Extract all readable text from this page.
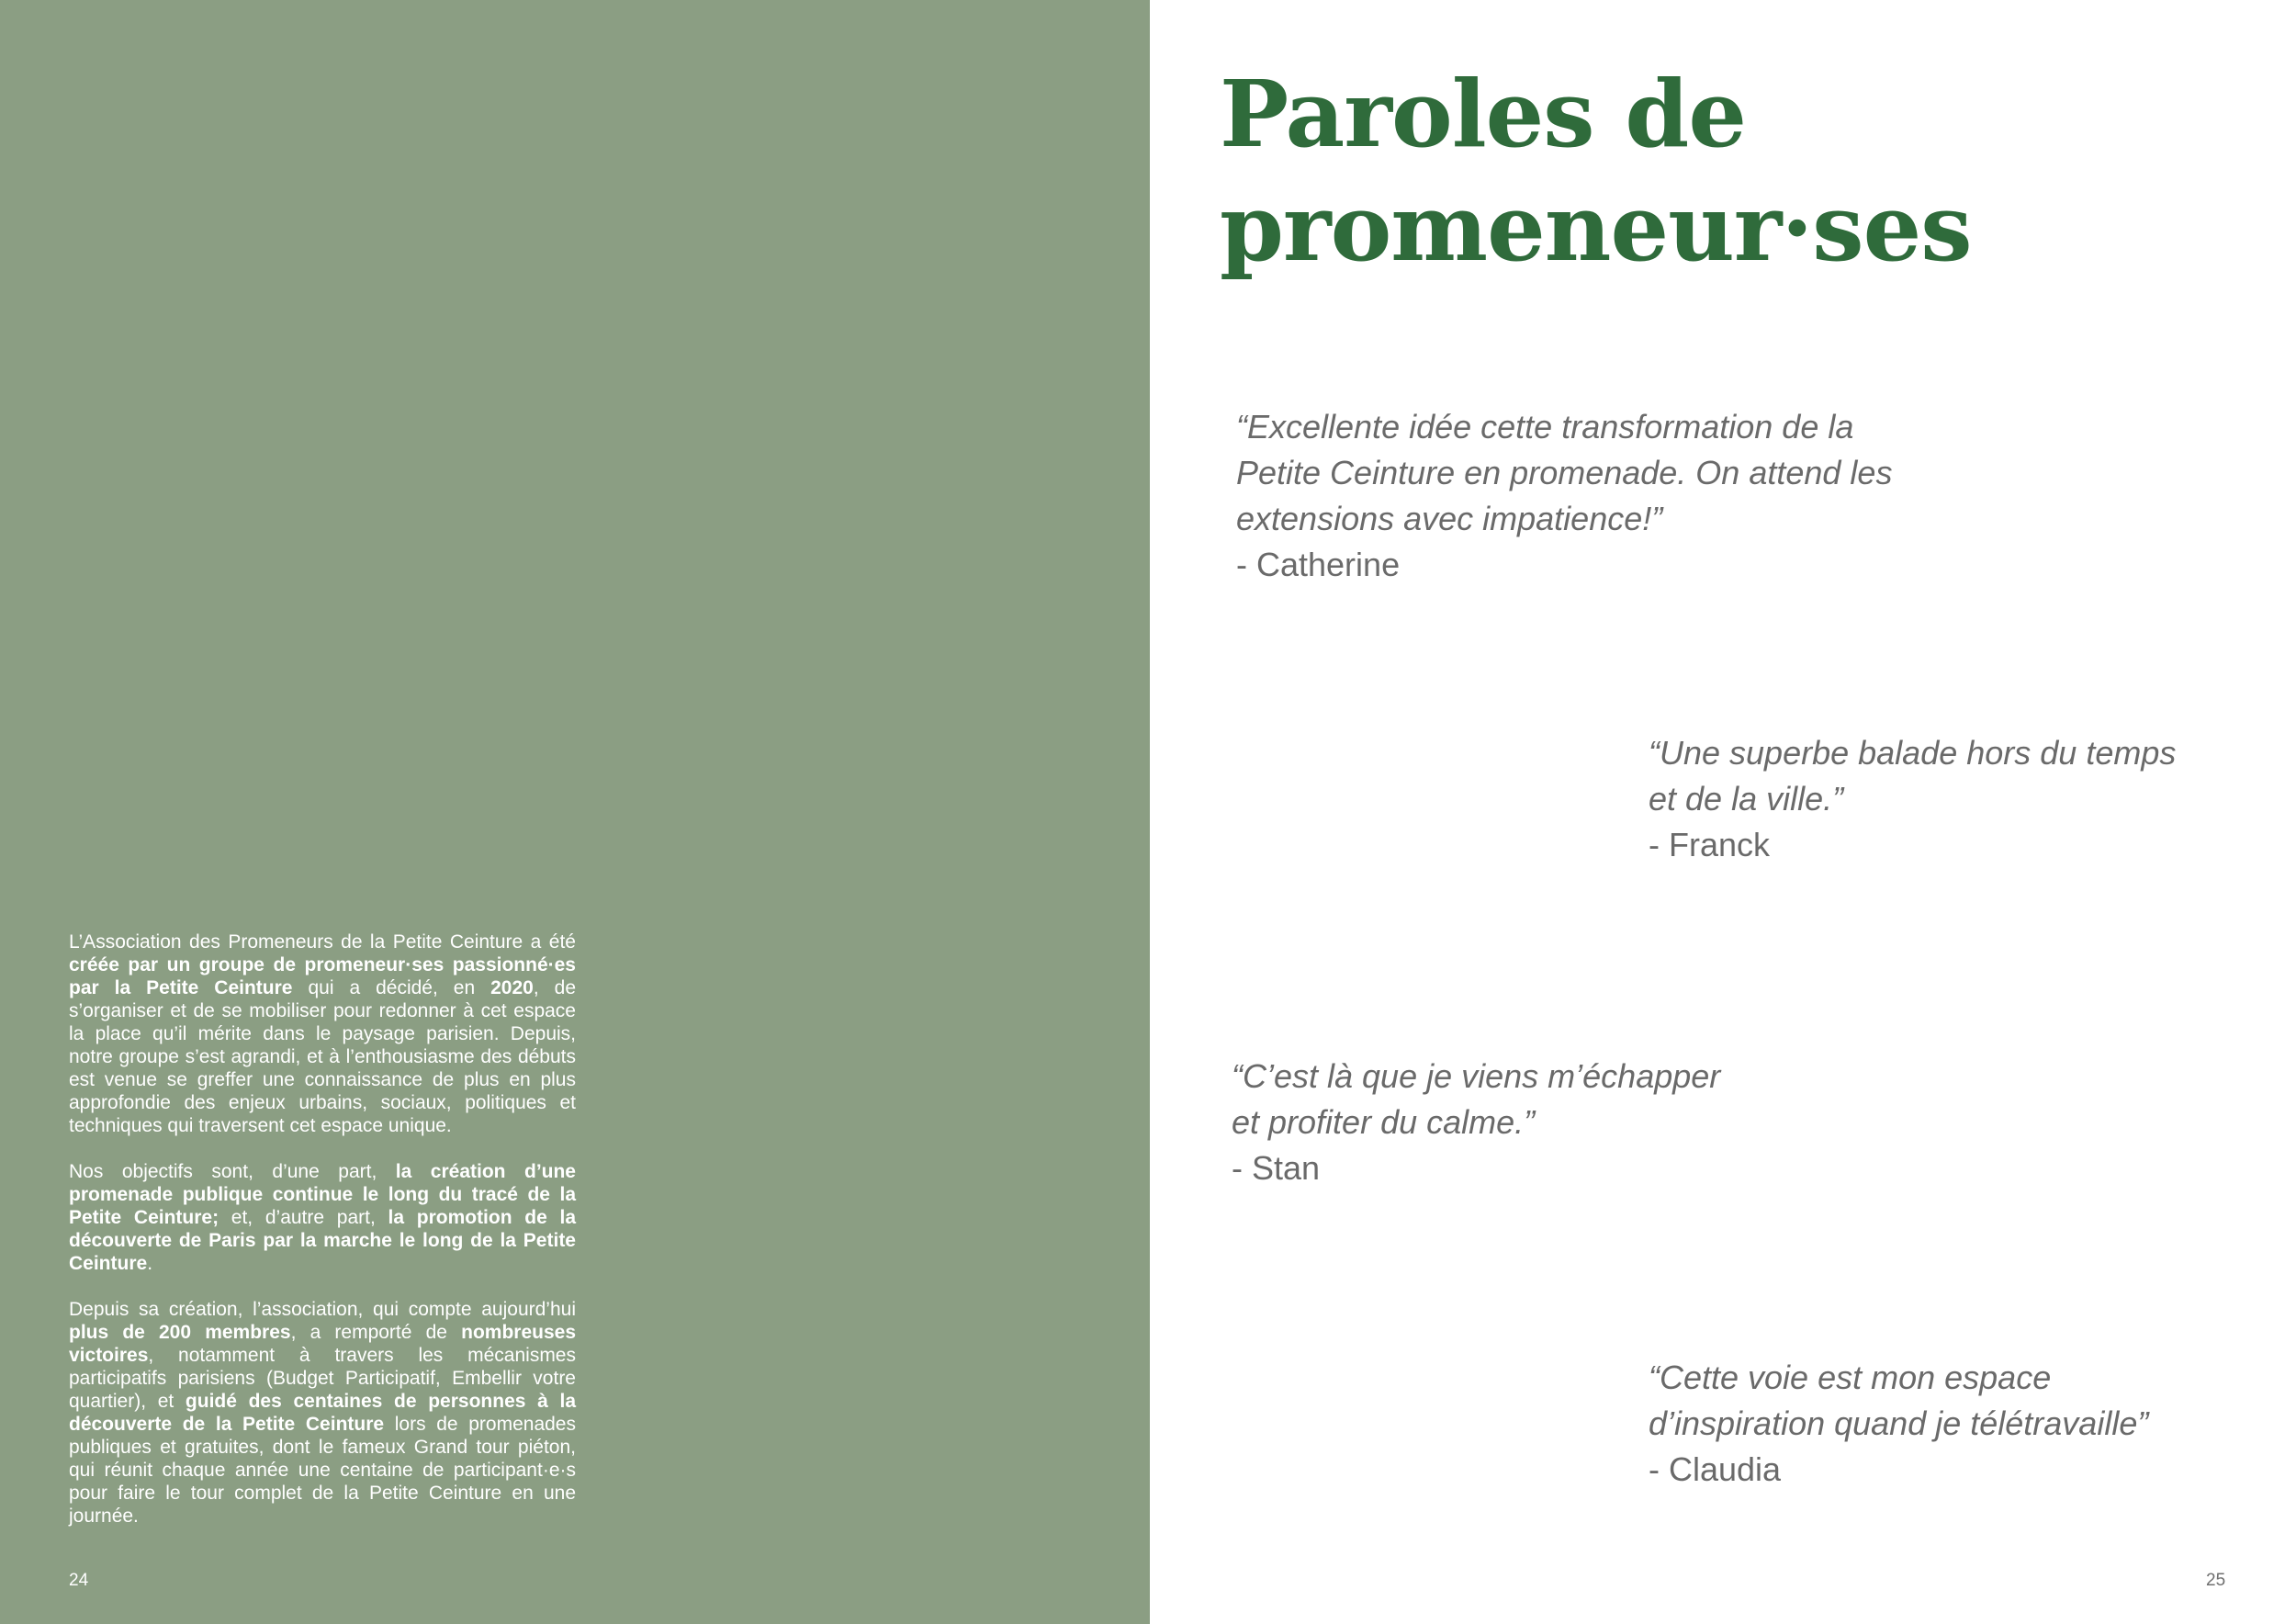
L’Association des Promeneurs de la Petite Ceinture a été créée par un groupe de promeneur·ses passionné·es par la Petite Ceinture qui a décidé, en 2020, de s’organiser et de se mobiliser pour redonner à cet espace la place qu’il mérite dans le paysage parisien. Depuis, notre groupe s’est agrandi, et à l’enthousiasme des débuts est venue se greffer une connaissance de plus en plus approfondie des enjeux urbains, sociaux, politiques et techniques qui traversent cet espace unique.

Nos objectifs sont, d’une part, la création d’une promenade publique continue le long du tracé de la Petite Ceinture; et, d’autre part, la promotion de la découverte de Paris par la marche le long de la Petite Ceinture.

Depuis sa création, l’association, qui compte aujourd’hui plus de 200 membres, a remporté de nombreuses victoires, notamment à travers les mécanismes participatifs parisiens (Budget Participatif, Embellir votre quartier), et guidé des centaines de personnes à la découverte de la Petite Ceinture lors de promenades publiques et gratuites, dont le fameux Grand tour piéton, qui réunit chaque année une centaine de participant·e·s pour faire le tour complet de la Petite Ceinture en une journée.

24
Paroles de
promeneur·ses

“Excellente idée cette transformation de la
Petite Ceinture en promenade. On attend les
extensions avec impatience!”

- Catherine

“Une superbe balade hors du temps
et de la ville.”

- Franck

“C’est là que je viens m’échapper
et profiter du calme.”

- Stan

“Cette voie est mon espace
d’inspiration quand je télétravaille”

- Claudia

25
